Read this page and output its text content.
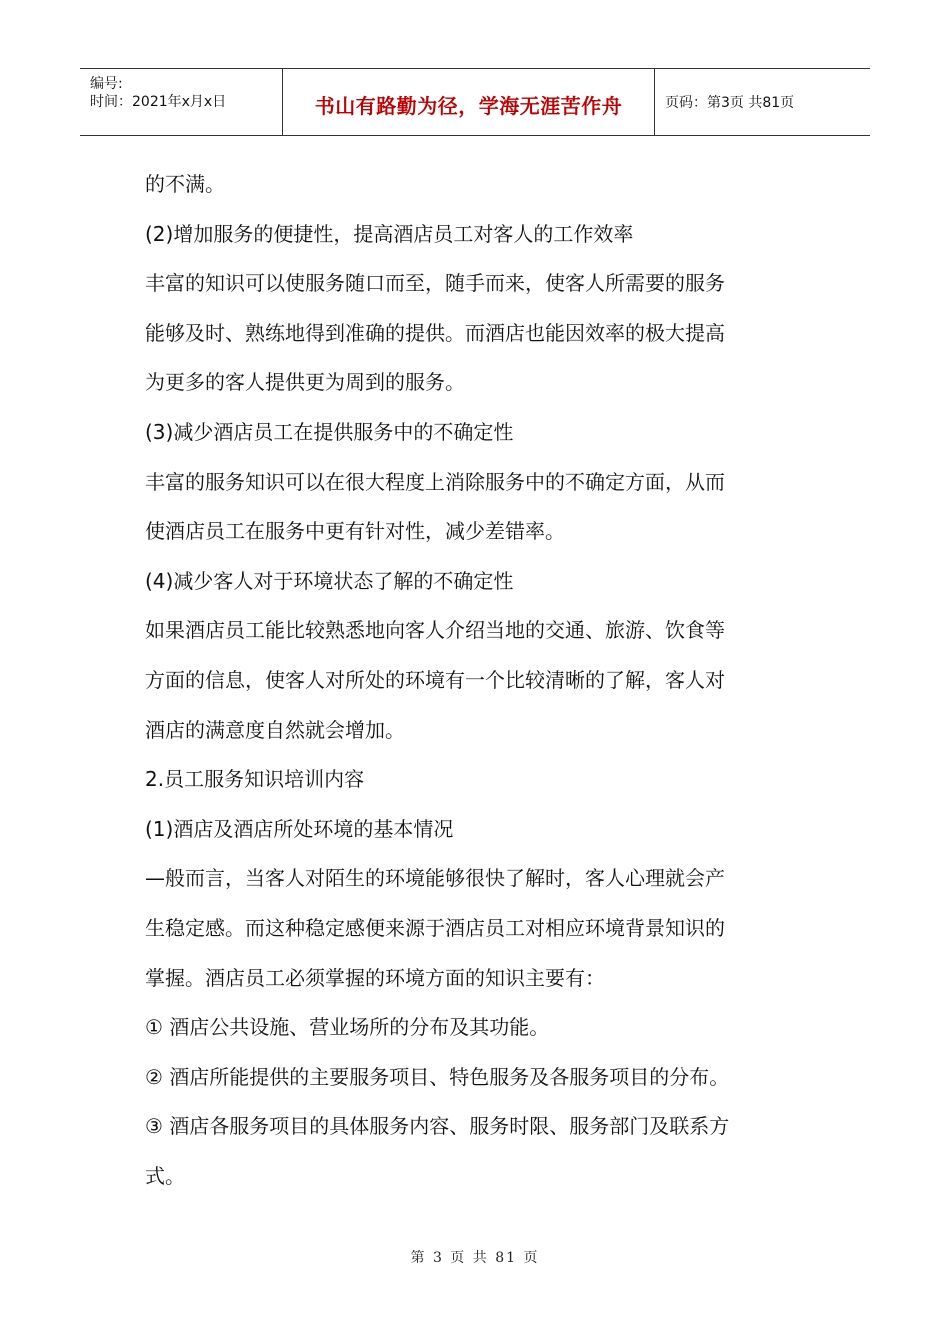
编号:
时间：2021年x月x日	书山有路勤为径，学海无涯苦作舟	页码：第3页 共81页

的不满。

(2)增加服务的便捷性，提高酒店员工对客人的工作效率

丰富的知识可以使服务随口而至，随手而来，使客人所需要的服务

能够及时、熟练地得到准确的提供。而酒店也能因效率的极大提高

为更多的客人提供更为周到的服务。

(3)减少酒店员工在提供服务中的不确定性

丰富的服务知识可以在很大程度上消除服务中的不确定方面，从而

使酒店员工在服务中更有针对性，减少差错率。

(4)减少客人对于环境状态了解的不确定性

如果酒店员工能比较熟悉地向客人介绍当地的交通、旅游、饮食等

方面的信息，使客人对所处的环境有一个比较清晰的了解，客人对

酒店的满意度自然就会增加。

2.员工服务知识培训内容

(1)酒店及酒店所处环境的基本情况

—般而言，当客人对陌生的环境能够很快了解时，客人心理就会产

生稳定感。而这种稳定感便来源于酒店员工对相应环境背景知识的

掌握。酒店员工必须掌握的环境方面的知识主要有：

① 酒店公共设施、营业场所的分布及其功能。

② 酒店所能提供的主要服务项目、特色服务及各服务项目的分布。

③ 酒店各服务项目的具体服务内容、服务时限、服务部门及联系方

式。

第 3 页 共 81 页
